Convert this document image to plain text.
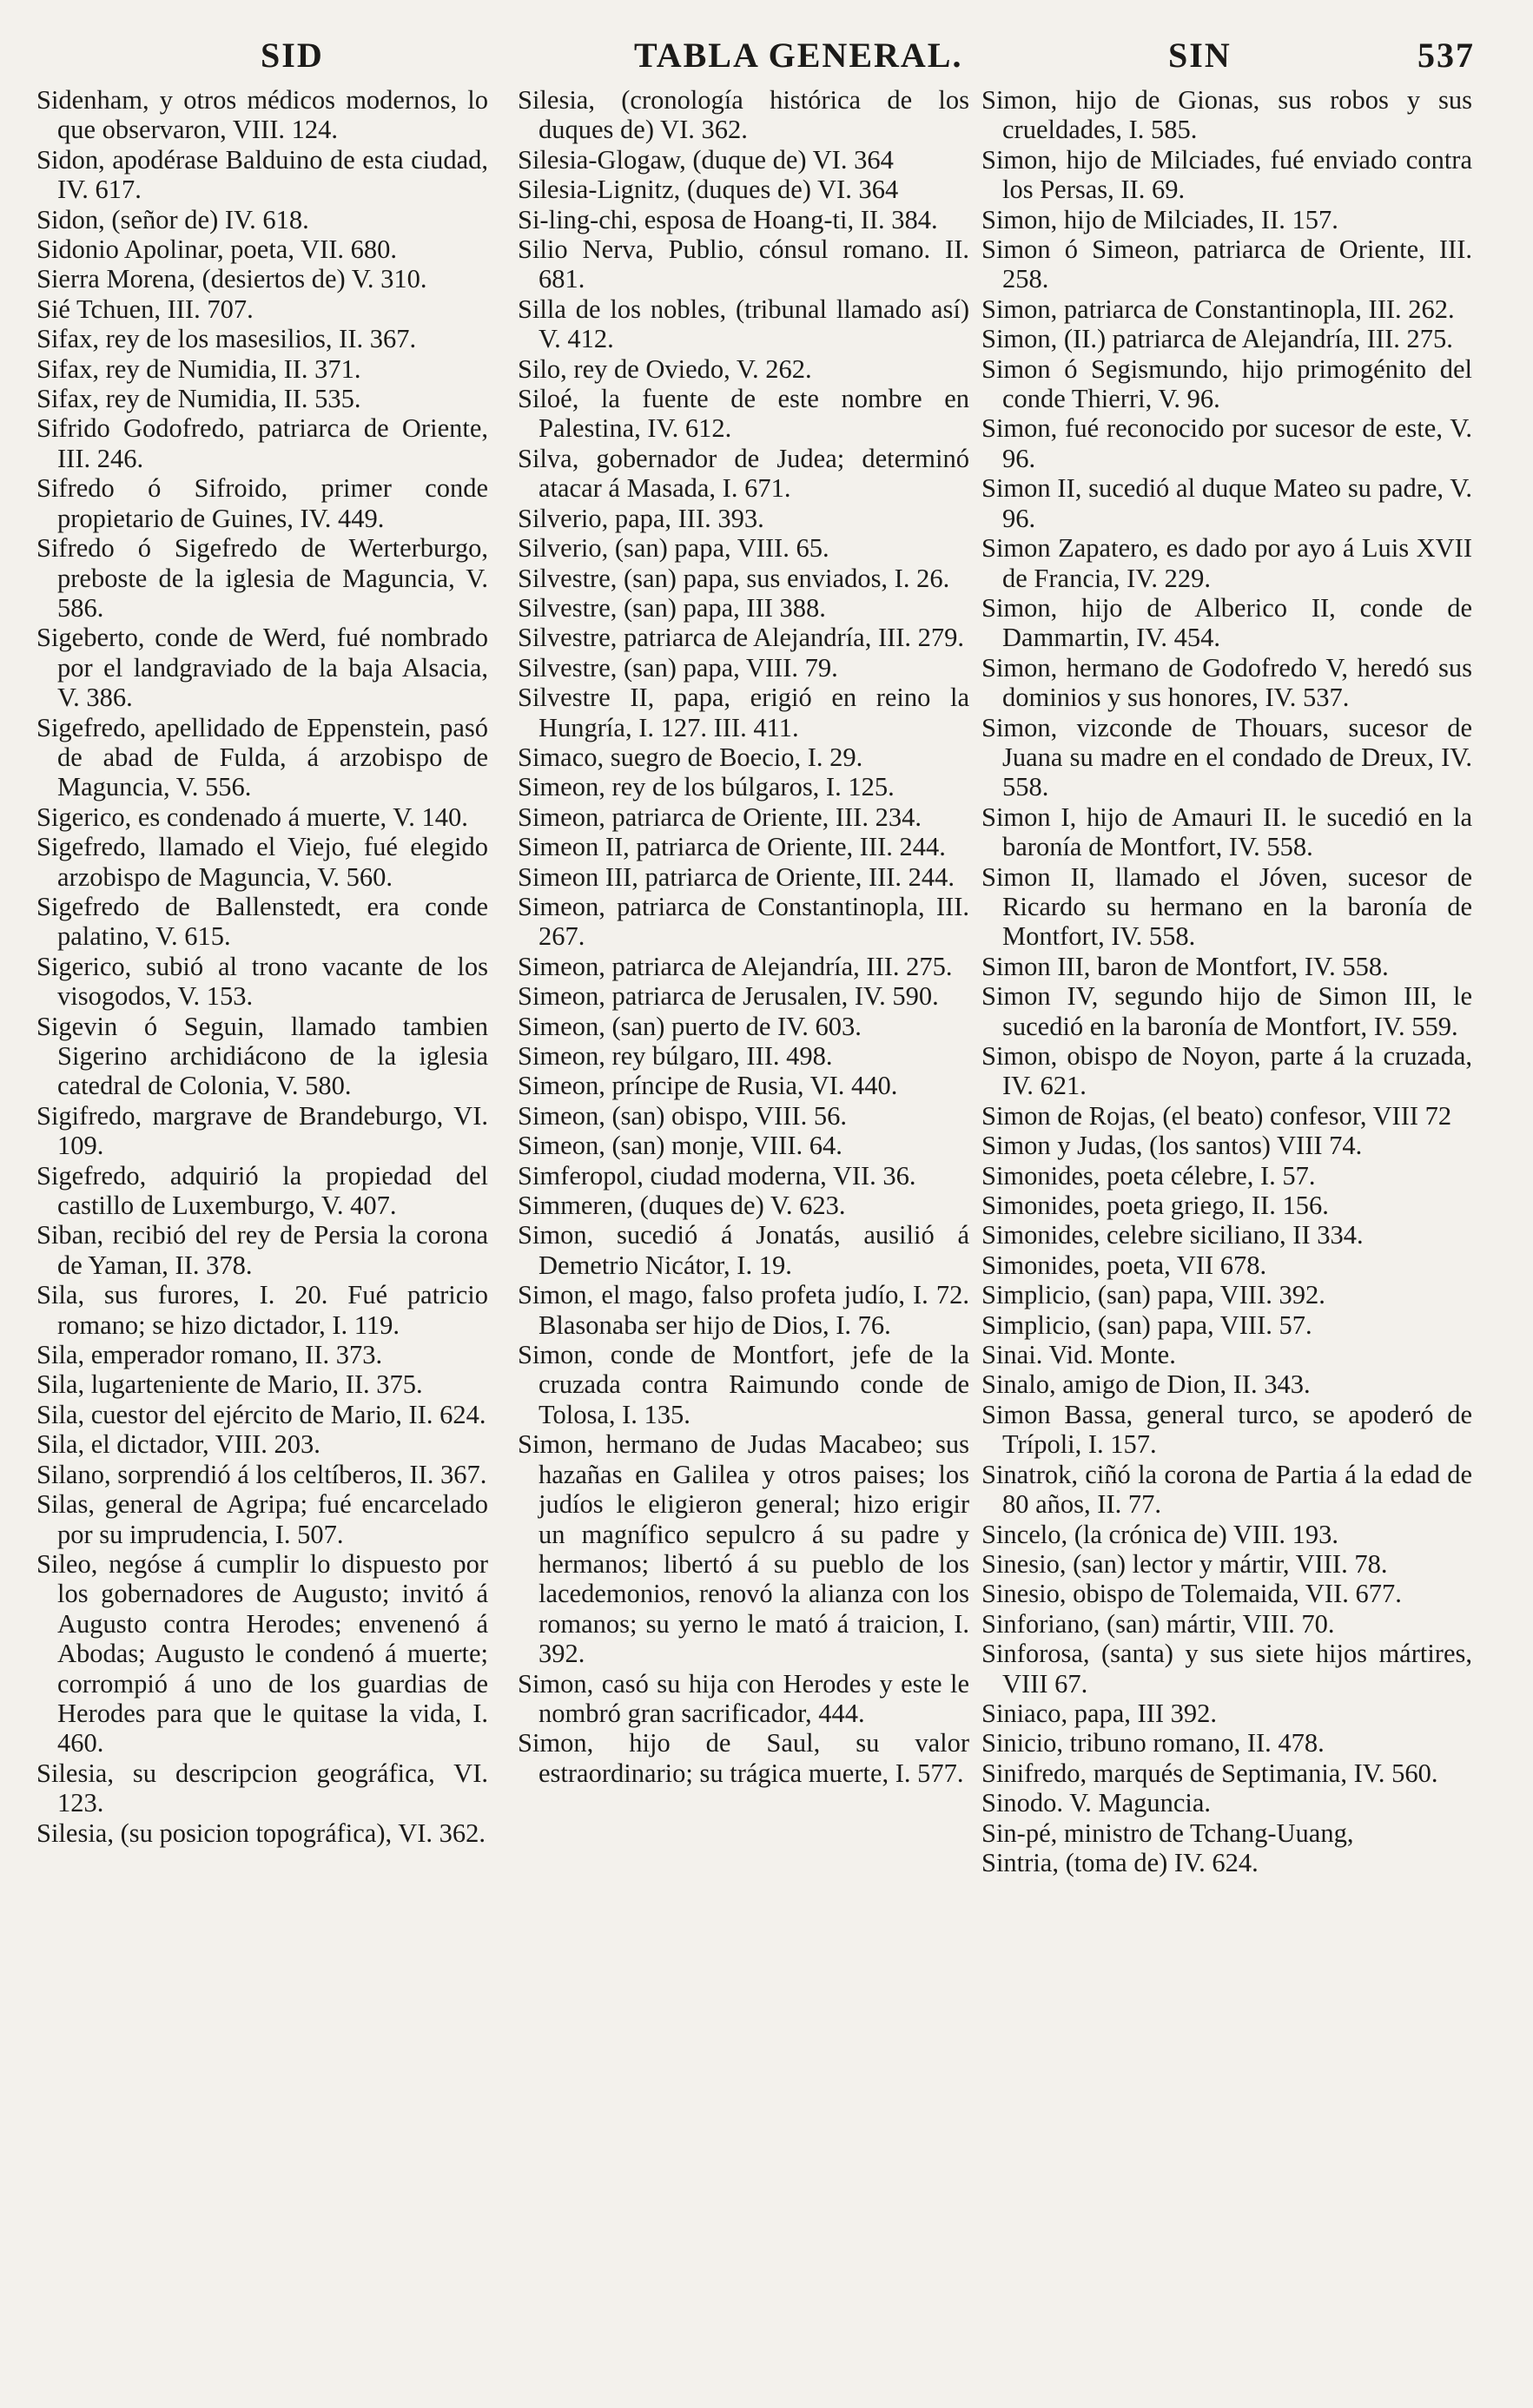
SID	TABLA GENERAL.	SIN	537

Sidenham, y otros médicos modernos, lo que observaron, VIII. 124.

Sidon, apodérase Balduino de esta ciudad, IV. 617.

Sidon, (señor de) IV. 618.

Sidonio Apolinar, poeta, VII. 680.

Sierra Morena, (desiertos de) V. 310.

Sié Tchuen, III. 707.

Sifax, rey de los masesilios, II. 367.

Sifax, rey de Numidia, II. 371.

Sifax, rey de Numidia, II. 535.

Sifrido Godofredo, patriarca de Oriente, III. 246.

Sifredo ó Sifroido, primer conde propietario de Guines, IV. 449.

Sifredo ó Sigefredo de Werterburgo, preboste de la iglesia de Maguncia, V. 586.

Sigeberto, conde de Werd, fué nombrado por el landgraviado de la baja Alsacia, V. 386.

Sigefredo, apellidado de Eppenstein, pasó de abad de Fulda, á arzobispo de Maguncia, V. 556.

Sigerico, es condenado á muerte, V. 140.

Sigefredo, llamado el Viejo, fué elegido arzobispo de Maguncia, V. 560.

Sigefredo de Ballenstedt, era conde palatino, V. 615.

Sigerico, subió al trono vacante de los visogodos, V. 153.

Sigevin ó Seguin, llamado tambien Sigerino archidiácono de la iglesia catedral de Colonia, V. 580.

Sigifredo, margrave de Brandeburgo, VI. 109.

Sigefredo, adquirió la propiedad del castillo de Luxemburgo, V. 407.

Siban, recibió del rey de Persia la corona de Yaman, II. 378.

Sila, sus furores, I. 20. Fué patricio romano; se hizo dictador, I. 119.

Sila, emperador romano, II. 373.

Sila, lugarteniente de Mario, II. 375.

Sila, cuestor del ejército de Mario, II. 624.

Sila, el dictador, VIII. 203.

Silano, sorprendió á los celtíberos, II. 367.

Silas, general de Agripa; fué encarcelado por su imprudencia, I. 507.

Sileo, negóse á cumplir lo dispuesto por los gobernadores de Augusto; invitó á Augusto contra Herodes; envenenó á Abodas; Augusto le condenó á muerte; corrompió á uno de los guardias de Herodes para que le quitase la vida, I. 460.

Silesia, su descripcion geográfica, VI. 123.

Silesia, (su posicion topográfica), VI. 362.

Silesia, (cronología histórica de los duques de) VI. 362.

Silesia-Glogaw, (duque de) VI. 364

Silesia-Lignitz, (duques de) VI. 364

Si-ling-chi, esposa de Hoang-ti, II. 384.

Silio Nerva, Publio, cónsul romano. II. 681.

Silla de los nobles, (tribunal llamado así) V. 412.

Silo, rey de Oviedo, V. 262.

Siloé, la fuente de este nombre en Palestina, IV. 612.

Silva, gobernador de Judea; determinó atacar á Masada, I. 671.

Silverio, papa, III. 393.

Silverio, (san) papa, VIII. 65.

Silvestre, (san) papa, sus enviados, I. 26.

Silvestre, (san) papa, III 388.

Silvestre, patriarca de Alejandría, III. 279.

Silvestre, (san) papa, VIII. 79.

Silvestre II, papa, erigió en reino la Hungría, I. 127. III. 411.

Simaco, suegro de Boecio, I. 29.

Simeon, rey de los búlgaros, I. 125.

Simeon, patriarca de Oriente, III. 234.

Simeon II, patriarca de Oriente, III. 244.

Simeon III, patriarca de Oriente, III. 244.

Simeon, patriarca de Constantinopla, III. 267.

Simeon, patriarca de Alejandría, III. 275.

Simeon, patriarca de Jerusalen, IV. 590.

Simeon, (san) puerto de IV. 603.

Simeon, rey búlgaro, III. 498.

Simeon, príncipe de Rusia, VI. 440.

Simeon, (san) obispo, VIII. 56.

Simeon, (san) monje, VIII. 64.

Simferopol, ciudad moderna, VII. 36.

Simmeren, (duques de) V. 623.

Simon, sucedió á Jonatás, ausilió á Demetrio Nicátor, I. 19.

Simon, el mago, falso profeta judío, I. 72. Blasonaba ser hijo de Dios, I. 76.

Simon, conde de Montfort, jefe de la cruzada contra Raimundo conde de Tolosa, I. 135.

Simon, hermano de Judas Macabeo; sus hazañas en Galilea y otros paises; los judíos le eligieron general; hizo erigir un magnífico sepulcro á su padre y hermanos; libertó á su pueblo de los lacedemonios, renovó la alianza con los romanos; su yerno le mató á traicion, I. 392.

Simon, casó su hija con Herodes y este le nombró gran sacrificador, 444.

Simon, hijo de Saul, su valor estraordinario; su trágica muerte, I. 577.

Simon, hijo de Gionas, sus robos y sus crueldades, I. 585.

Simon, hijo de Milciades, fué enviado contra los Persas, II. 69.

Simon, hijo de Milciades, II. 157.

Simon ó Simeon, patriarca de Oriente, III. 258.

Simon, patriarca de Constantinopla, III. 262.

Simon, (II.) patriarca de Alejandría, III. 275.

Simon ó Segismundo, hijo primogénito del conde Thierri, V. 96.

Simon, fué reconocido por sucesor de este, V. 96.

Simon II, sucedió al duque Mateo su padre, V. 96.

Simon Zapatero, es dado por ayo á Luis XVII de Francia, IV. 229.

Simon, hijo de Alberico II, conde de Dammartin, IV. 454.

Simon, hermano de Godofredo V, heredó sus dominios y sus honores, IV. 537.

Simon, vizconde de Thouars, sucesor de Juana su madre en el condado de Dreux, IV. 558.

Simon I, hijo de Amauri II. le sucedió en la baronía de Montfort, IV. 558.

Simon II, llamado el Jóven, sucesor de Ricardo su hermano en la baronía de Montfort, IV. 558.

Simon III, baron de Montfort, IV. 558.

Simon IV, segundo hijo de Simon III, le sucedió en la baronía de Montfort, IV. 559.

Simon, obispo de Noyon, parte á la cruzada, IV. 621.

Simon de Rojas, (el beato) confesor, VIII 72

Simon y Judas, (los santos) VIII 74.

Simonides, poeta célebre, I. 57.

Simonides, poeta griego, II. 156.

Simonides, celebre siciliano, II 334.

Simonides, poeta, VII 678.

Simplicio, (san) papa, VIII. 392.

Simplicio, (san) papa, VIII. 57.

Sinai. Vid. Monte.

Sinalo, amigo de Dion, II. 343.

Simon Bassa, general turco, se apoderó de Trípoli, I. 157.

Sinatrok, ciñó la corona de Partia á la edad de 80 años, II. 77.

Sincelo, (la crónica de) VIII. 193.

Sinesio, (san) lector y mártir, VIII. 78.

Sinesio, obispo de Tolemaida, VII. 677.

Sinforiano, (san) mártir, VIII. 70.

Sinforosa, (santa) y sus siete hijos mártires, VIII 67.

Siniaco, papa, III 392.

Sinicio, tribuno romano, II. 478.

Sinifredo, marqués de Septimania, IV. 560.

Sinodo. V. Maguncia.

Sin-pé, ministro de Tchang-Uuang,

Sintria, (toma de) IV. 624.
